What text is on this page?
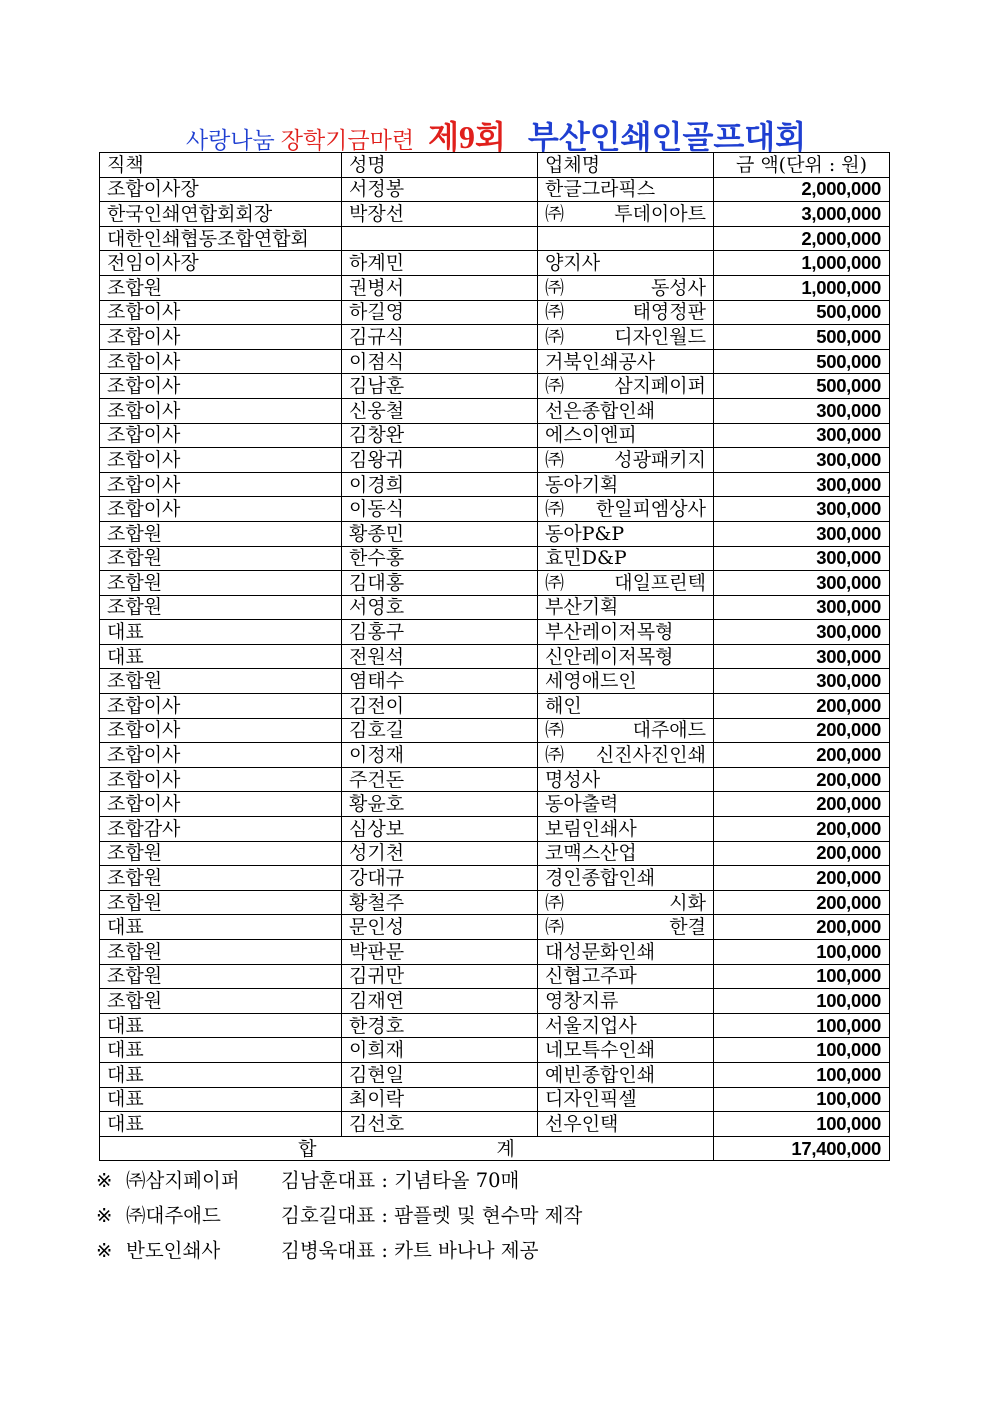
사랑나눔 장학기금마련 제9회 부산인쇄인골프대회
직책	성명	업체명	금 액(단위 : 원)
조합이사장	서정봉	한글그라픽스	2,000,000
한국인쇄연합회회장	박장선	㈜투데이아트	3,000,000
대한인쇄협동조합연합회			2,000,000
전임이사장	하계민	양지사	1,000,000
조합원	권병서	㈜동성사	1,000,000
조합이사	하길영	㈜태영정판	500,000
조합이사	김규식	㈜디자인월드	500,000
조합이사	이점식	거북인쇄공사	500,000
조합이사	김남훈	㈜삼지페이퍼	500,000
조합이사	신웅철	선은종합인쇄	300,000
조합이사	김창완	에스이엔피	300,000
조합이사	김왕귀	㈜성광패키지	300,000
조합이사	이경희	동아기획	300,000
조합이사	이동식	㈜한일피엠상사	300,000
조합원	황종민	동아P&P	300,000
조합원	한수홍	효민D&P	300,000
조합원	김대홍	㈜대일프린텍	300,000
조합원	서영호	부산기획	300,000
대표	김홍구	부산레이저목형	300,000
대표	전원석	신안레이저목형	300,000
조합원	염태수	세영애드인	300,000
조합이사	김전이	해인	200,000
조합이사	김호길	㈜대주애드	200,000
조합이사	이정재	㈜신진사진인쇄	200,000
조합이사	주건돈	명성사	200,000
조합이사	황윤호	동아출력	200,000
조합감사	심상보	보림인쇄사	200,000
조합원	성기천	코맥스산업	200,000
조합원	강대규	경인종합인쇄	200,000
조합원	황철주	㈜시화	200,000
대표	문인성	㈜한결	200,000
조합원	박판문	대성문화인쇄	100,000
조합원	김귀만	신협고주파	100,000
조합원	김재연	영창지류	100,000
대표	한경호	서울지업사	100,000
대표	이희재	네모특수인쇄	100,000
대표	김현일	예빈종합인쇄	100,000
대표	최이락	디자인픽셀	100,000
대표	김선호	선우인택	100,000
합계			17,400,000
※ ㈜삼지페이퍼 김남훈대표 : 기념타올 70매
※ ㈜대주애드	김호길대표 : 팜플렛 및 현수막 제작
※ 반도인쇄사	김병욱대표 : 카트 바나나 제공
